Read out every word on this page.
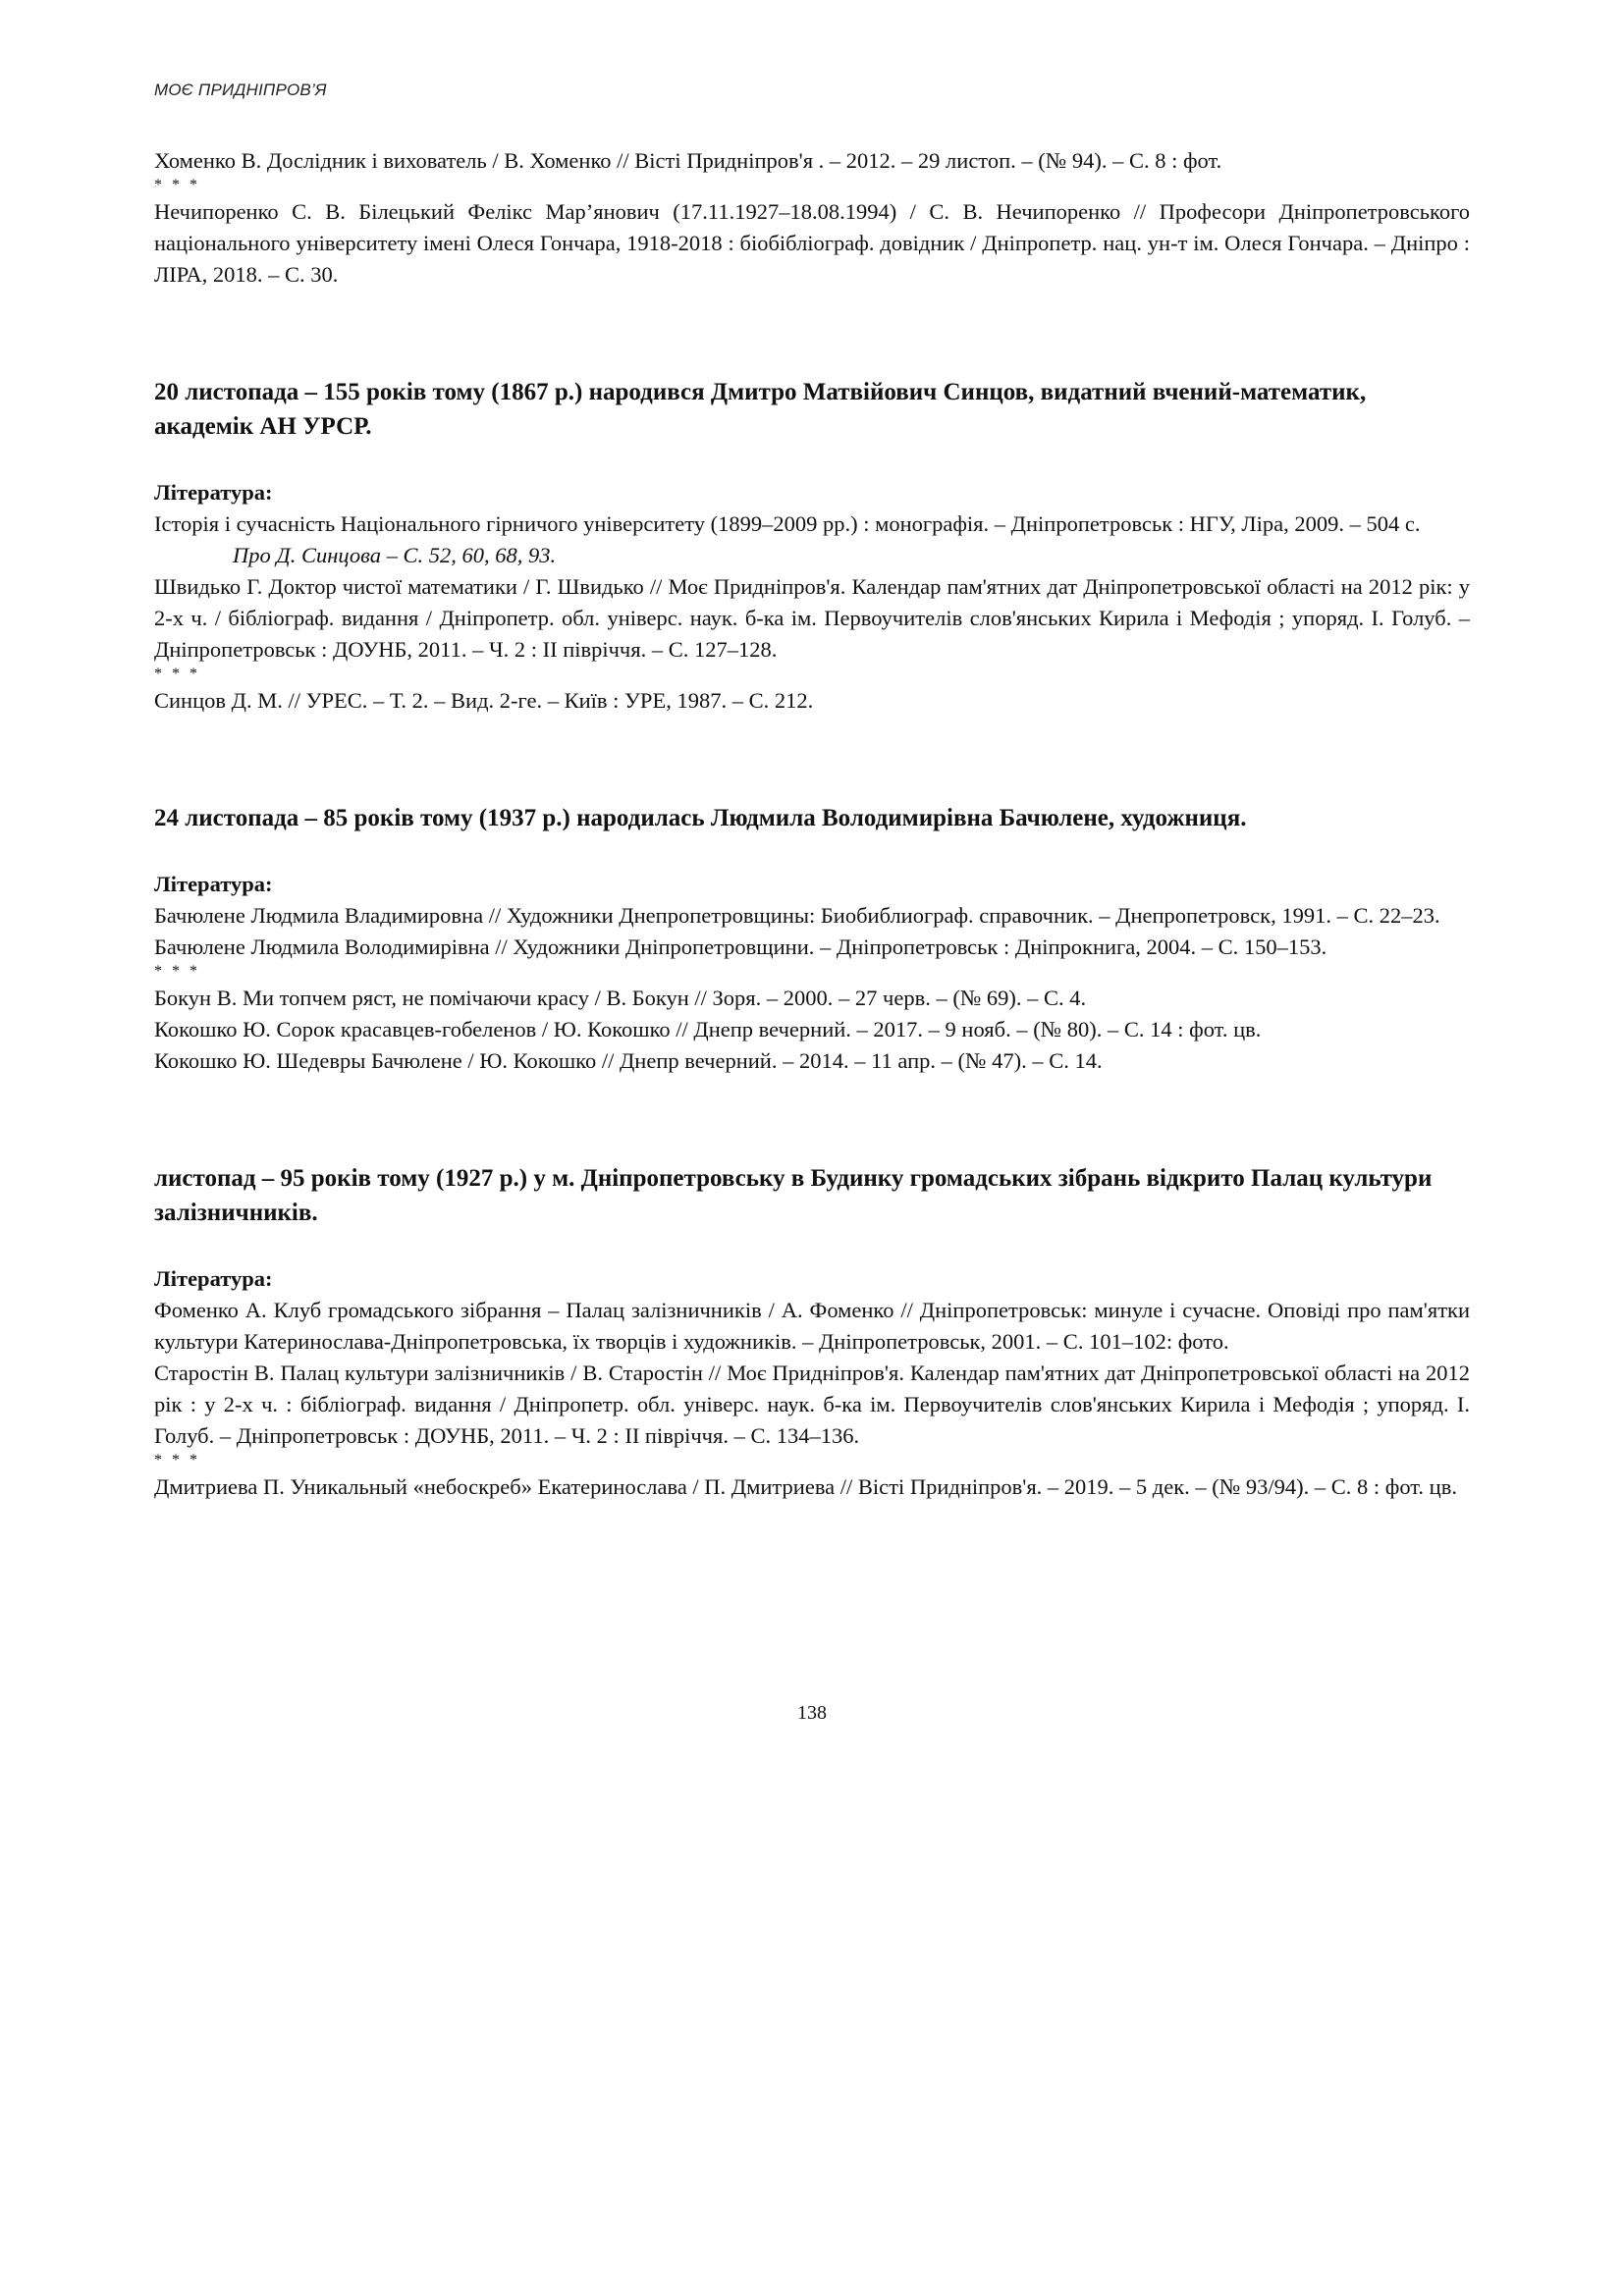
МОЄ ПРИДНІПРОВ’Я

Хоменко В. Дослідник і вихователь / В. Хоменко // Вісті Придніпров'я . – 2012. – 29 листоп. – (№ 94). – С. 8 : фот.

* * *

Нечипоренко С. В. Білецький Фелікс Мар’янович (17.11.1927–18.08.1994) / С. В. Нечипоренко // Професори Дніпропетровського національного університету імені Олеся Гончара, 1918-2018 : біобібліограф. довідник / Дніпропетр. нац. ун-т ім. Олеся Гончара. – Дніпро : ЛІРА, 2018. – С. 30.

20 листопада – 155 років тому (1867 р.) народився Дмитро Матвійович Синцов, видатний вчений-математик, академік АН УРСР.

Література:

Історія і сучасність Національного гірничого університету (1899–2009 рр.) : монографія. – Дніпропетровськ : НГУ, Ліра, 2009. – 504 с.

Про Д. Синцова – С. 52, 60, 68, 93.

Швидько Г. Доктор чистої математики / Г. Швидько // Моє Придніпров'я. Календар пам'ятних дат Дніпропетровської області на 2012 рік: у 2-х ч. / бібліограф. видання / Дніпропетр. обл. універс. наук. б-ка ім. Первоучителів слов'янських Кирила і Мефодія ; упоряд. І. Голуб. – Дніпропетровськ : ДОУНБ, 2011. – Ч. 2 : ІІ півріччя. – С. 127–128.

* * *

Синцов Д. М. // УРЕС. – Т. 2. – Вид. 2-ге. – Київ : УРЕ, 1987. – С. 212.

24 листопада – 85 років тому (1937 р.) народилась Людмила Володимирівна Бачюлене, художниця.

Література:

Бачюлене Людмила Владимировна // Художники Днепропетровщины: Биобиблиограф. справочник. – Днепропетровск, 1991. – С. 22–23.

Бачюлене Людмила Володимирівна // Художники Дніпропетровщини. – Дніпропетровськ : Дніпрокнига, 2004. – С. 150–153.

* * *

Бокун В. Ми топчем ряст, не помічаючи красу / В. Бокун // Зоря. – 2000. – 27 черв. – (№ 69). – С. 4.

Кокошко Ю. Сорок красавцев-гобеленов / Ю. Кокошко // Днепр вечерний. – 2017. – 9 нояб. – (№ 80). – С. 14 : фот. цв.

Кокошко Ю. Шедевры Бачюлене / Ю. Кокошко // Днепр вечерний. – 2014. – 11 апр. – (№ 47). – С. 14.

листопад – 95 років тому (1927 р.) у м. Дніпропетровську в Будинку громадських зібрань відкрито Палац культури залізничників.

Література:

Фоменко А. Клуб громадського зібрання – Палац залізничників / А. Фоменко // Дніпропетровськ: минуле і сучасне. Оповіді про пам'ятки культури Катеринослава-Дніпропетровська, їх творців і художників. – Дніпропетровськ, 2001. – С. 101–102: фото.

Старостін В. Палац культури залізничників / В. Старостін // Моє Придніпров'я. Календар пам'ятних дат Дніпропетровської області на 2012 рік : у 2-х ч. : бібліограф. видання / Дніпропетр. обл. універс. наук. б-ка ім. Первоучителів слов'янських Кирила і Мефодія ; упоряд. І. Голуб. – Дніпропетровськ : ДОУНБ, 2011. – Ч. 2 : ІІ півріччя. – С. 134–136.

* * *

Дмитриева П. Уникальный «небоскреб» Екатеринослава / П. Дмитриева // Вісті Придніпров'я. – 2019. – 5 дек. – (№ 93/94). – С. 8 : фот. цв.

138
